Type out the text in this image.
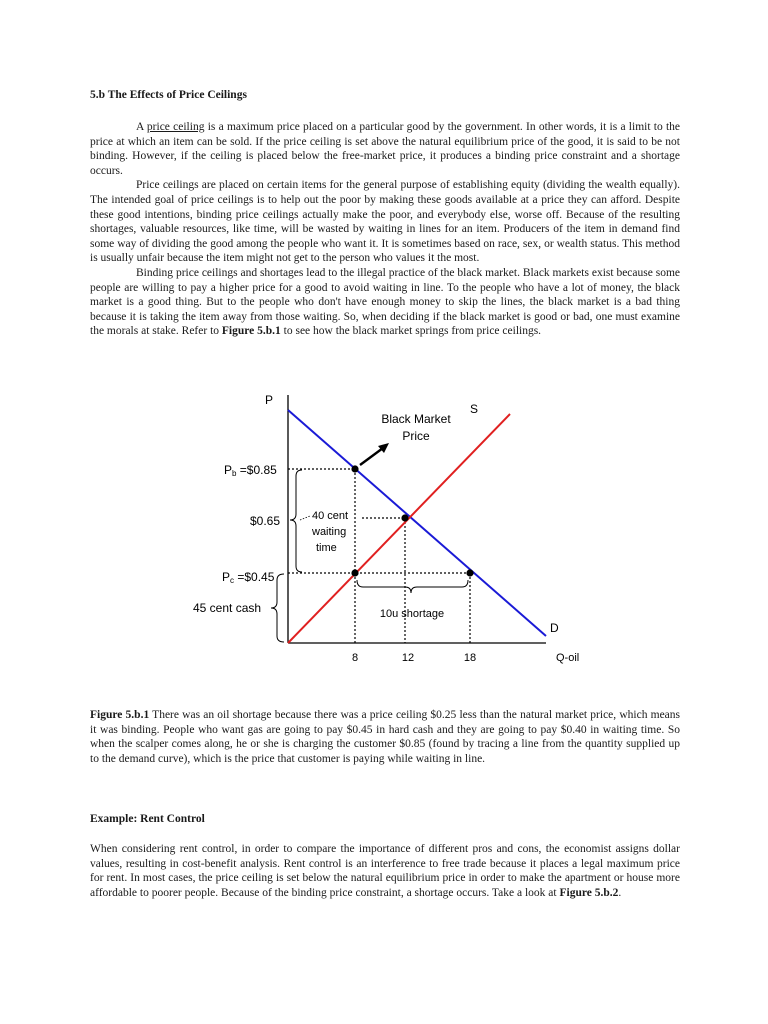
5.b The Effects of Price Ceilings

A price ceiling is a maximum price placed on a particular good by the government. In other words, it is a limit to the price at which an item can be sold. If the price ceiling is set above the natural equilibrium price of the good, it is said to be not binding. However, if the ceiling is placed below the free-market price, it produces a binding price constraint and a shortage occurs.

Price ceilings are placed on certain items for the general purpose of establishing equity (dividing the wealth equally). The intended goal of price ceilings is to help out the poor by making these goods available at a price they can afford. Despite these good intentions, binding price ceilings actually make the poor, and everybody else, worse off. Because of the resulting shortages, valuable resources, like time, will be wasted by waiting in lines for an item. Producers of the item in demand find some way of dividing the good among the people who want it. It is sometimes based on race, sex, or wealth status. This method is usually unfair because the item might not get to the person who values it the most.

Binding price ceilings and shortages lead to the illegal practice of the black market. Black markets exist because some people are willing to pay a higher price for a good to avoid waiting in line. To the people who have a lot of money, the black market is a good thing. But to the people who don't have enough money to skip the lines, the black market is a bad thing because it is taking the item away from those waiting. So, when deciding if the black market is good or bad, one must examine the morals at stake. Refer to Figure 5.b.1 to see how the black market springs from price ceilings.

P
Q-oil
8	12	18
Pb =$0.85
$0.65
Pc =$0.45
S
D
Black Market
Price
40 cent
waiting
time
45 cent cash	10u shortage

Figure 5.b.1 There was an oil shortage because there was a price ceiling $0.25 less than the natural market price, which means it was binding. People who want gas are going to pay $0.45 in hard cash and they are going to pay $0.40 in waiting time. So when the scalper comes along, he or she is charging the customer $0.85 (found by tracing a line from the quantity supplied up to the demand curve), which is the price that customer is paying while waiting in line.

Example: Rent Control

When considering rent control, in order to compare the importance of different pros and cons, the economist assigns dollar values, resulting in cost-benefit analysis. Rent control is an interference to free trade because it places a legal maximum price for rent. In most cases, the price ceiling is set below the natural equilibrium price in order to make the apartment or house more affordable to poorer people. Because of the binding price constraint, a shortage occurs. Take a look at Figure 5.b.2.
